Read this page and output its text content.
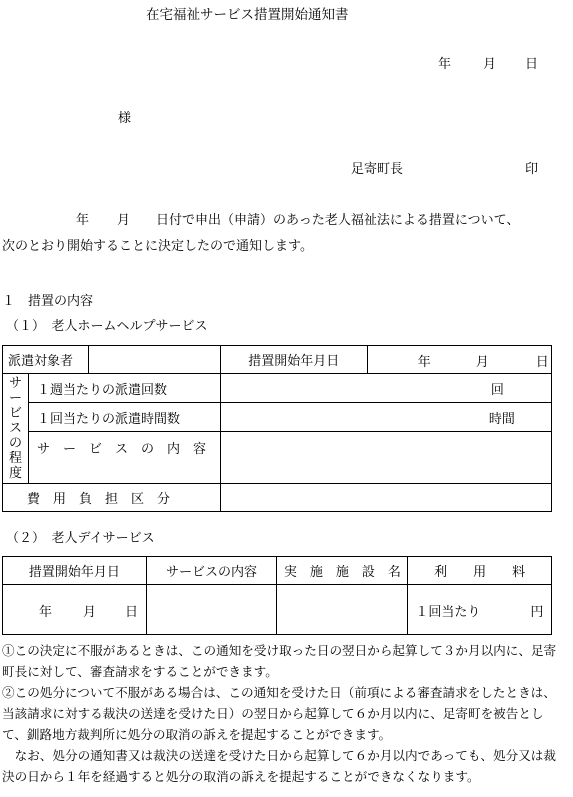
在宅福祉サービス措置開始通知書
年 月 日
様
足寄町長	印
年 月 日付で申出（申請）のあった老人福祉法による措置について、
次のとおり開始することに決定したので通知します。
１　措置の内容
（１）　老人ホームヘルプサービス
派遣対象者			措置開始年月日	年 月 日

サービスの程度	１週当たりの派遣回数		回	

	１回当たりの派遣時間数		時間	

	サ　ー　ビ　ス　の　内　容			
費　用　負　担　区　分				
（２）　老人デイサービス
措置開始年月日	サービスの内容	実　施　施　設　名	利　　用　　料

年 月 日			１回当たり 円
①この決定に不服があるときは、この通知を受け取った日の翌日から起算して３か月以内に、足寄町長に対して、審査請求をすることができます。
②この処分について不服がある場合は、この通知を受けた日（前項による審査請求をしたときは、当該請求に対する裁決の送達を受けた日）の翌日から起算して６か月以内に、足寄町を被告として、釧路地方裁判所に処分の取消の訴えを提起することができます。
　なお、処分の通知書又は裁決の送達を受けた日から起算して６か月以内であっても、処分又は裁決の日から１年を経過すると処分の取消の訴えを提起することができなくなります。
